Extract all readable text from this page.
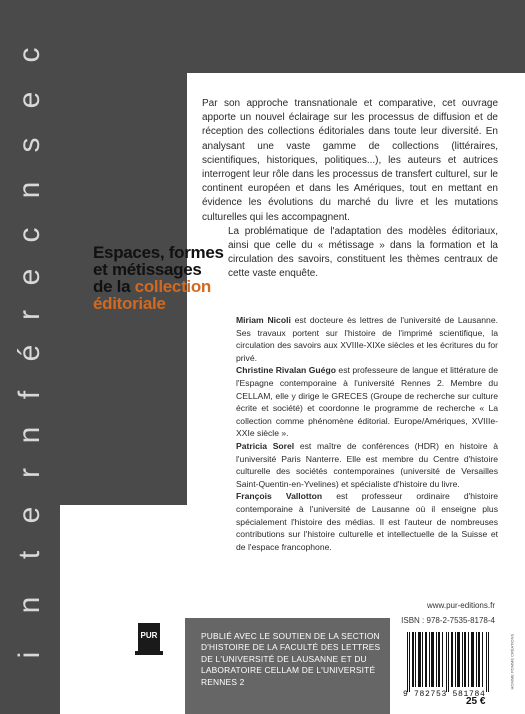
c
e
s
n
c
e
r
é
f
n
r
e
t
n
i
Espaces, formes
et métissages
de la collection
éditoriale

Par son approche transnationale et comparative, cet ouvrage apporte un nouvel éclairage sur les processus de diffusion et de réception des collections éditoriales dans toute leur diversité. En analysant une vaste gamme de collections (littéraires, scientifiques, historiques, politiques...), les auteurs et autrices interrogent leur rôle dans les processus de transfert culturel, sur le continent européen et dans les Amériques, tout en mettant en évidence les évolutions du marché du livre et les mutations culturelles qui les accompagnent.

La problématique de l'adaptation des modèles éditoriaux, ainsi que celle du « métissage » dans la formation et la circulation des savoirs, constituent les thèmes centraux de cette vaste enquête.

Miriam Nicoli est docteure ès lettres de l'université de Lausanne. Ses travaux portent sur l'histoire de l'imprimé scientifique, la circulation des savoirs aux XVIIIe-XIXe siècles et les écritures du for privé.

Christine Rivalan Guégo est professeure de langue et littérature de l'Espagne contemporaine à l'université Rennes 2. Membre du CELLAM, elle y dirige le GRECES (Groupe de recherche sur culture écrite et société) et coordonne le programme de recherche « La collection comme phénomène éditorial. Europe/Amériques, XVIIIe-XXIe siècle ».

Patricia Sorel est maître de conférences (HDR) en histoire à l'université Paris Nanterre. Elle est membre du Centre d'histoire culturelle des sociétés contemporaines (université de Versailles Saint-Quentin-en-Yvelines) et spécialiste d'histoire du livre.

François Vallotton est professeur ordinaire d'histoire contemporaine à l'université de Lausanne où il enseigne plus spécialement l'histoire des médias. Il est l'auteur de nombreuses contributions sur l'histoire culturelle et intellectuelle de la Suisse et de l'espace francophone.

www.pur-editions.fr
ISBN : 978-2-7535-8178-4
PUBLIÉ AVEC LE SOUTIEN DE LA SECTION D'HISTOIRE DE LA FACULTÉ DES LETTRES DE L'UNIVERSITÉ DE LAUSANNE ET DU LABORATOIRE CELLAM DE L'UNIVERSITÉ RENNES 2
PUR
9 782753 581784
25 €
HOMME POMME CRÉATIONS
